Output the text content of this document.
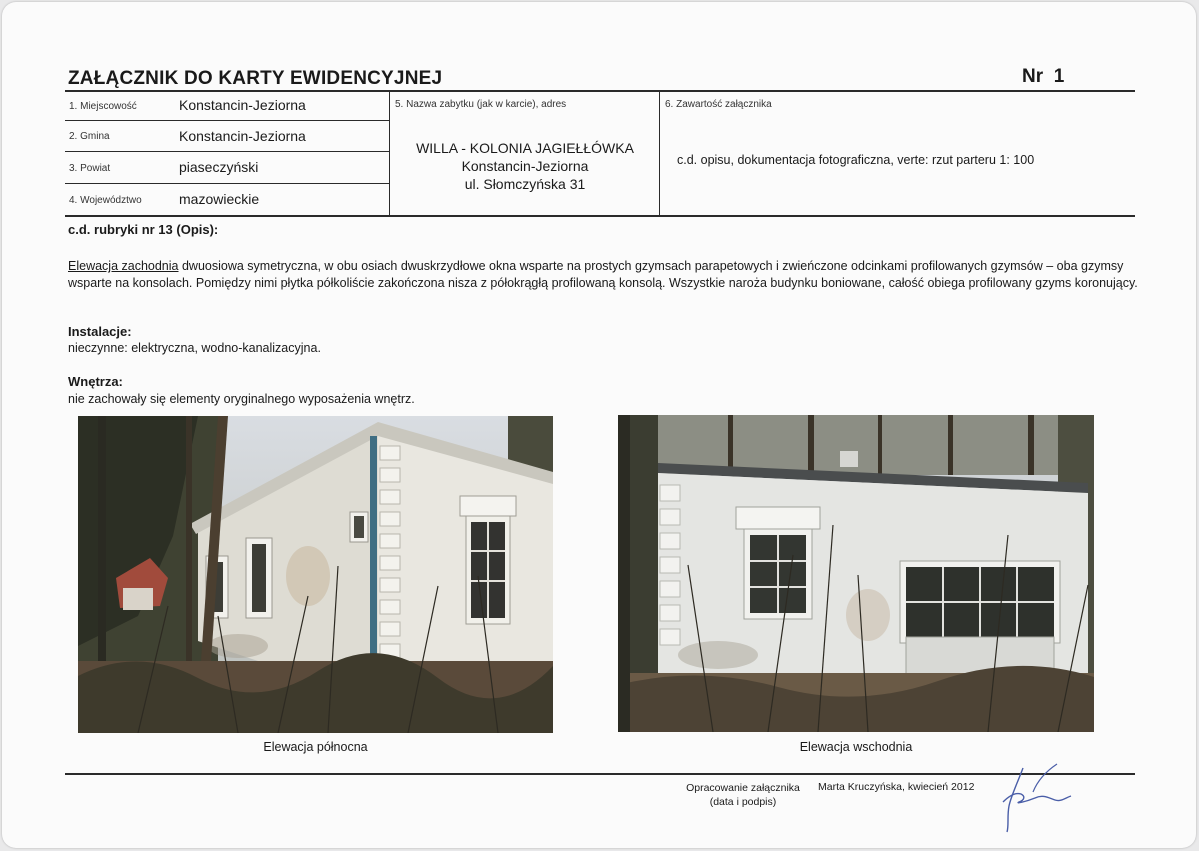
ZAŁĄCZNIK DO KARTY EWIDENCYJNEJ	Nr 1
1. Miejscowość	Konstancin-Jeziorna
2. Gmina	Konstancin-Jeziorna
3. Powiat	piaseczyński
4. Województwo	mazowieckie
5. Nazwa zabytku (jak w karcie), adres
WILLA - KOLONIA JAGIEŁŁÓWKA
Konstancin-Jeziorna
ul. Słomczyńska 31
6. Zawartość załącznika
c.d. opisu, dokumentacja fotograficzna, verte: rzut parteru 1: 100
c.d. rubryki nr 13 (Opis):
Elewacja zachodnia dwuosiowa symetryczna, w obu osiach dwuskrzydłowe okna wsparte na prostych gzymsach parapetowych i zwieńczone odcinkami profilowanych gzymsów – oba gzymsy wsparte na konsolach. Pomiędzy nimi płytka półkoliście zakończona nisza z półokrągłą profilowaną konsolą. Wszystkie naroża budynku boniowane, całość obiega profilowany gzyms koronujący.
Instalacje:
nieczynne: elektryczna, wodno-kanalizacyjna.
Wnętrza:
nie zachowały się elementy oryginalnego wyposażenia wnętrz.
Elewacja północna	Elewacja wschodnia
Opracowanie załącznika
(data i podpis)
Marta Kruczyńska, kwiecień 2012
